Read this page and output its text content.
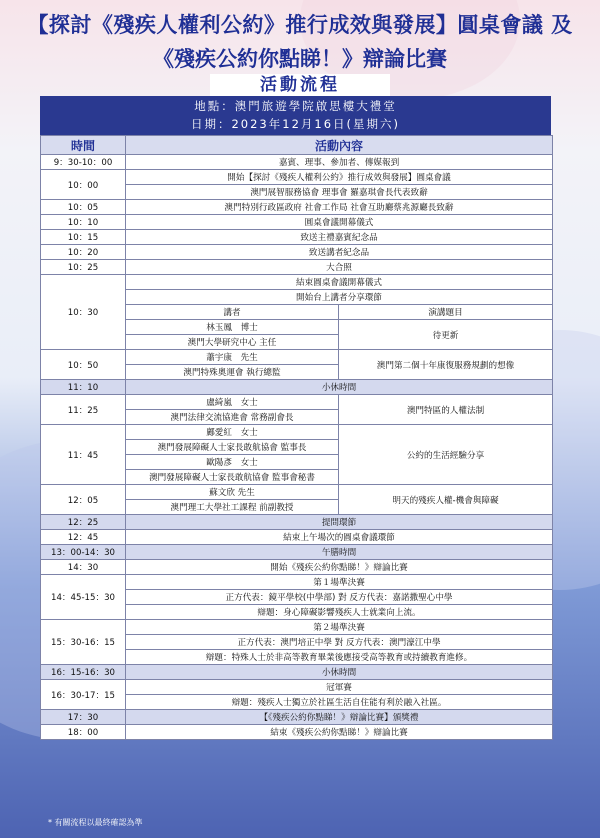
【探討《殘疾人權利公約》推行成效與發展】圓桌會議 及
《殘疾公約你點睇！》辯論比賽
活動流程
地點：澳門旅遊學院啟思樓大禮堂
日期：2023年12月16日(星期六)
時間	活動內容	
9：30-10：00	嘉賓、理事、參加者、傳媒報到	
10：00	開始【探討《殘疾人權利公約》推行成效與發展】圓桌會議	
	澳門展智服務協會 理事會 羅嘉琪會長代表致辭	
10：05	澳門特別行政區政府 社會工作局 社會互助廳蔡兆源廳長致辭	
10：10	圓桌會議開幕儀式	
10：15	致送主禮嘉賓紀念品	
10：20	致送講者紀念品	
10：25	大合照	
10：30	結束圓桌會議開幕儀式	
	開始台上講者分享環節	
	講者	演講題目
	林玉鳳　博士	待更新
	澳門大學研究中心 主任	
10：50	蕭宇康　先生	澳門第二個十年康復服務規劃的想像
	澳門特殊奧運會 執行總監	
11：10	小休時間	
11：25	盧綺嵐　女士	澳門特區的人權法制
	澳門法律交流協進會 常務副會長	
11：45	鄺愛紅　女士	公約的生活經驗分享
	澳門發展障礙人士家長敢航協會 監事長	
	歐陽彥　女士	
	澳門發展障礙人士家長敢航協會 監事會秘書	
12：05	蘇文欣 先生	明天的殘疾人權-機會與障礙
	澳門理工大學社工課程 前副教授	
12：25	提問環節	
12：45	結束上午場次的圓桌會議環節	
13：00-14：30	午膳時間	
14：30	開始《殘疾公約你點睇！》辯論比賽	
14：45-15：30	第１場準決賽	
	正方代表：鏡平學校(中學部) 對 反方代表：嘉諾撒聖心中學	
	辯題：身心障礙影響殘疾人士就業向上流。	
15：30-16：15	第２場準決賽	
	正方代表：澳門培正中學 對 反方代表：澳門濠江中學	
	辯題：特殊人士於非高等教育畢業後應接受高等教育或持續教育進修。	
16：15-16：30	小休時間	
16：30-17：15	冠軍賽	
	辯題：殘疾人士獨立於社區生活自住能有利於融入社區。	
17：30	【《殘疾公約你點睇！》辯論比賽】頒獎禮	
18：00	結束《殘疾公約你點睇！》辯論比賽	
* 有關流程以最終確認為準
